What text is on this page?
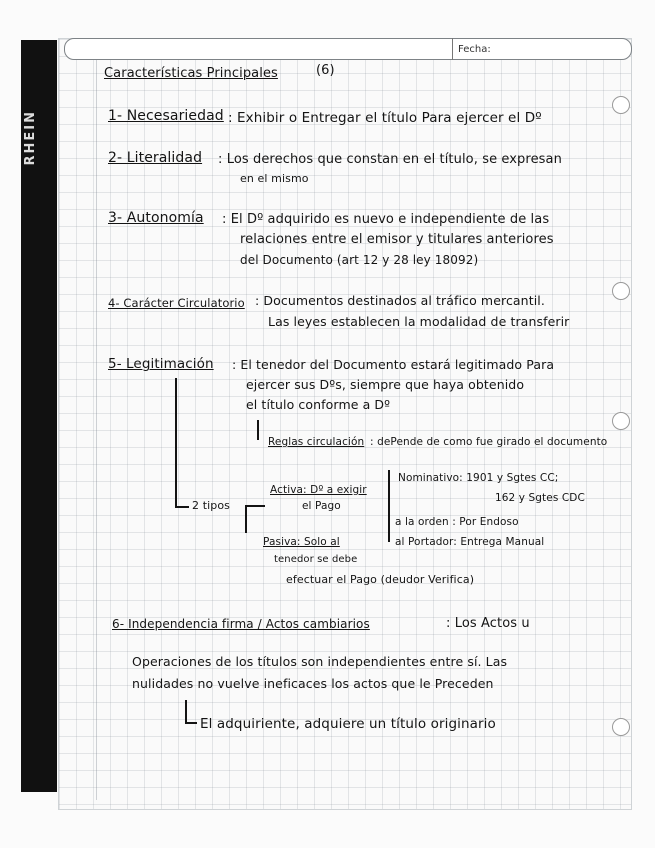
RHEIN
Fecha:
Características Principales	(6)
1- Necesariedad : Exhibir o Entregar el título Para ejercer el Dº
2- Literalidad : Los derechos que constan en el título, se expresan
en el mismo
3- Autonomía : El Dº adquirido es nuevo e independiente de las
relaciones entre el emisor y titulares anteriores
del Documento (art 12 y 28 ley 18092)
4- Carácter Circulatorio : Documentos destinados al tráfico mercantil.
Las leyes establecen la modalidad de transferir
5- Legitimación : El tenedor del Documento estará legitimado Para
ejercer sus Dºs, siempre que haya obtenido
el título conforme a Dº
Reglas circulación : dePende de como fue girado el documento
Nominativo: 1901 y Sgtes CC;
162 y Sgtes CDC
a la orden : Por Endoso
al Portador: Entrega Manual
2 tipos
Activa: Dº a exigir
el Pago
Pasiva: Solo al
tenedor se debe
efectuar el Pago (deudor Verifica)
6- Independencia firma / Actos cambiarios	: Los Actos u
Operaciones de los títulos son independientes entre sí. Las
nulidades no vuelve ineficaces los actos que le Preceden
El adquiriente, adquiere un título originario
